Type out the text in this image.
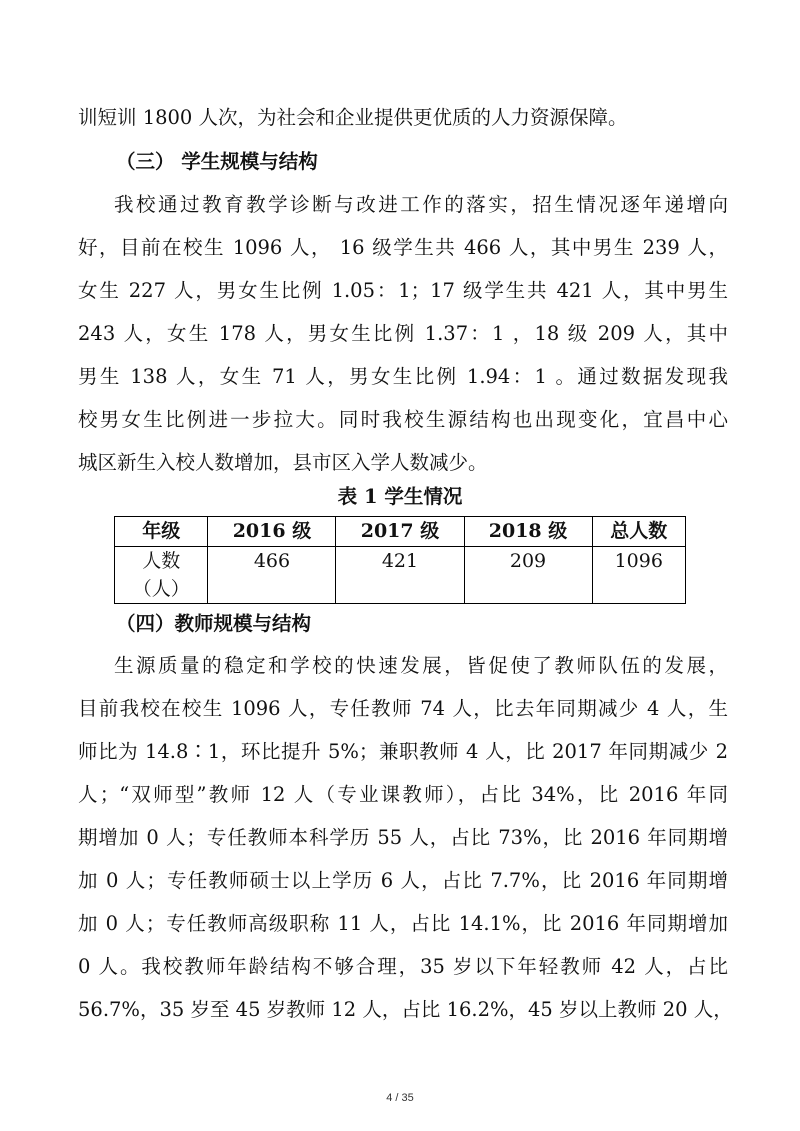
训短训 1800 人次，为社会和企业提供更优质的人力资源保障。
（三） 学生规模与结构
我校通过教育教学诊断与改进工作的落实，招生情况逐年递增向
好，目前在校生 1096 人， 16 级学生共 466 人，其中男生 239 人，
女生 227 人，男女生比例 1.05：1；17 级学生共 421 人，其中男生
243 人，女生 178 人，男女生比例 1.37：1 ，18 级 209 人，其中
男生 138 人，女生 71 人，男女生比例 1.94：1 。通过数据发现我
校男女生比例进一步拉大。同时我校生源结构也出现变化，宜昌中心
城区新生入校人数增加，县市区入学人数减少。
表 1 学生情况
年级	2016 级	2017 级	2018 级	总人数

人数
（人）	466	421	209	1096
（四）教师规模与结构
生源质量的稳定和学校的快速发展，皆促使了教师队伍的发展，
目前我校在校生 1096 人，专任教师 74 人，比去年同期减少 4 人，生
师比为 14.8∶1，环比提升 5%；兼职教师 4 人，比 2017 年同期减少 2
人；“双师型”教师 12 人（专业课教师），占比 34%，比 2016 年同
期增加 0 人；专任教师本科学历 55 人，占比 73%，比 2016 年同期增
加 0 人；专任教师硕士以上学历 6 人，占比 7.7%，比 2016 年同期增
加 0 人；专任教师高级职称 11 人，占比 14.1%，比 2016 年同期增加
0 人。我校教师年龄结构不够合理，35 岁以下年轻教师 42 人，占比
56.7%，35 岁至 45 岁教师 12 人，占比 16.2%，45 岁以上教师 20 人，
4 / 35
